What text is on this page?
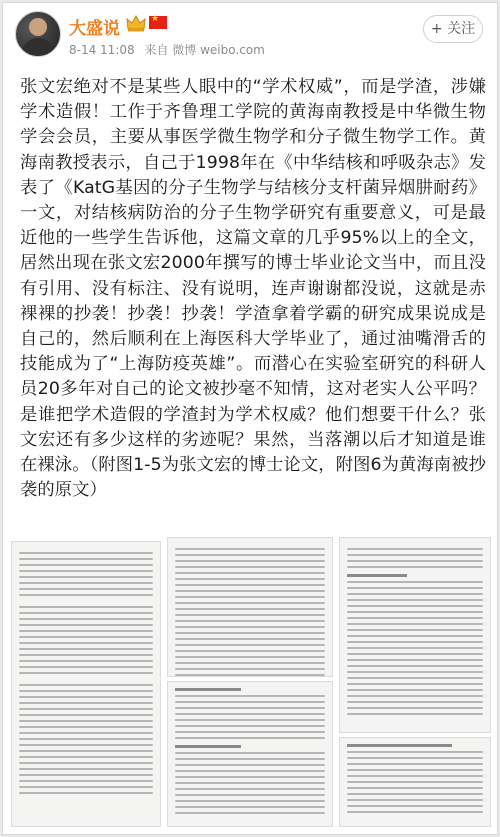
大盛说	★
8-14 11:08 来自 微博 weibo.com
+ 关注
张文宏绝对不是某些人眼中的“学术权威”，而是学渣，涉嫌学术造假！工作于齐鲁理工学院的黄海南教授是中华微生物学会会员，主要从事医学微生物学和分子微生物学工作。黄海南教授表示，自己于1998年在《中华结核和呼吸杂志》发表了《KatG基因的分子生物学与结核分支杆菌异烟肼耐药》一文，对结核病防治的分子生物学研究有重要意义，可是最近他的一些学生告诉他，这篇文章的几乎95%以上的全文，居然出现在张文宏2000年撰写的博士毕业论文当中，而且没有引用、没有标注、没有说明，连声谢谢都没说，这就是赤裸裸的抄袭！抄袭！抄袭！学渣拿着学霸的研究成果说成是自己的，然后顺利在上海医科大学毕业了，通过油嘴滑舌的技能成为了“上海防疫英雄”。而潜心在实验室研究的科研人员20多年对自己的论文被抄毫不知情，这对老实人公平吗？是谁把学术造假的学渣封为学术权威？他们想要干什么？张文宏还有多少这样的劣迹呢？果然，当落潮以后才知道是谁在裸泳。（附图1-5为张文宏的博士论文，附图6为黄海南被抄袭的原文）
